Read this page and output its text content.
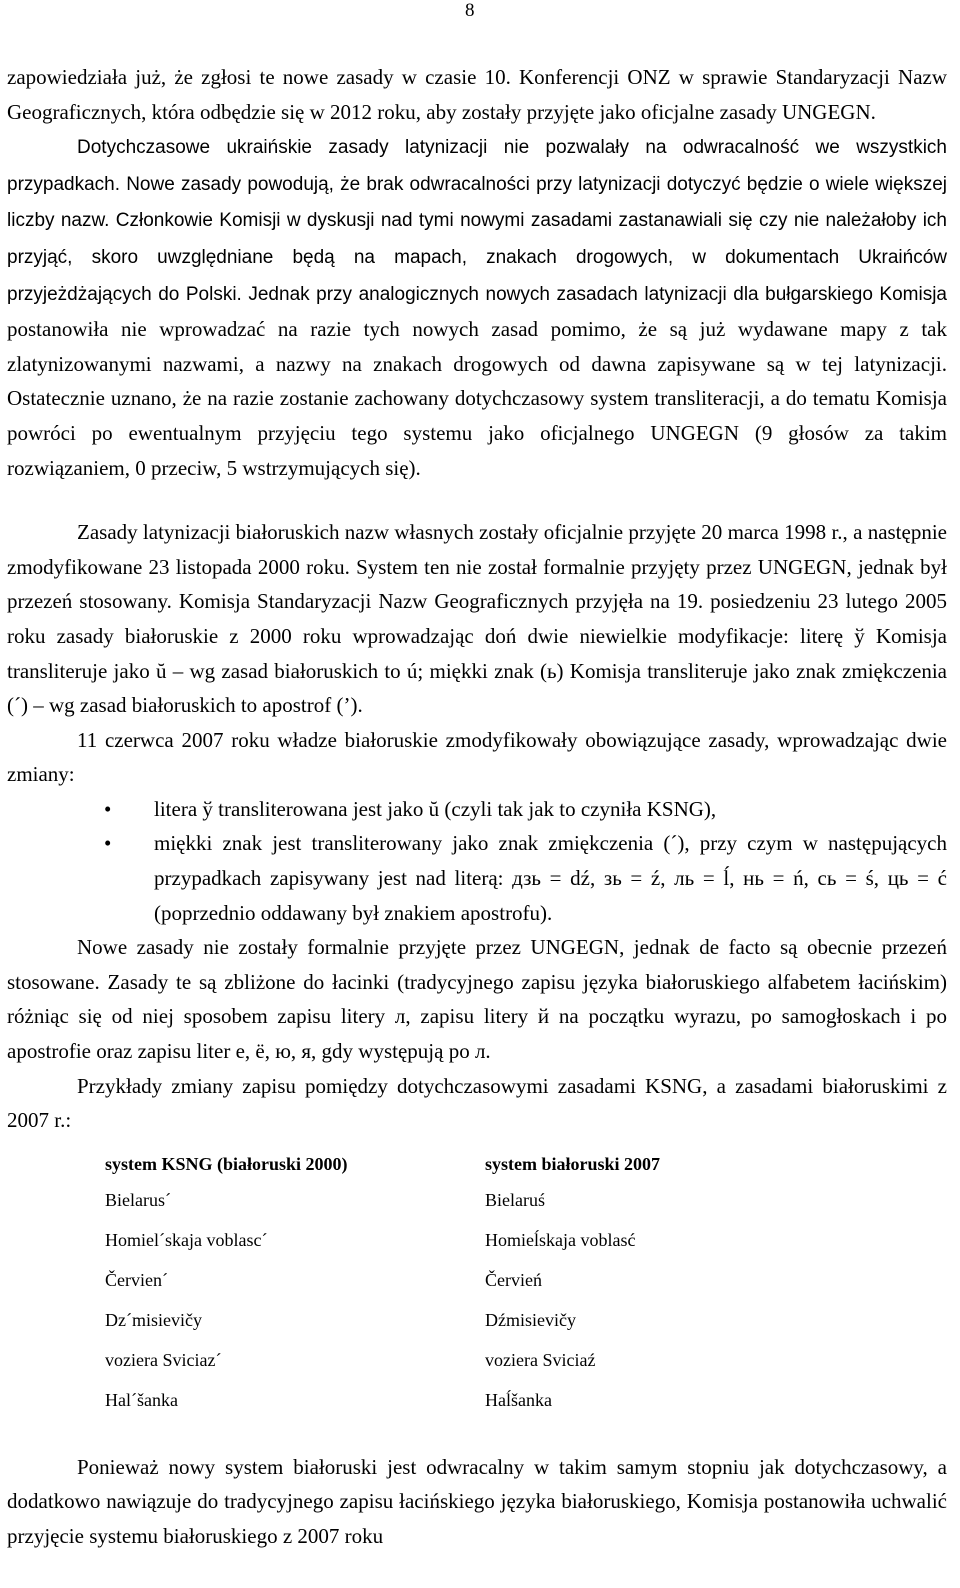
8

zapowiedziała już, że zgłosi te nowe zasady w czasie 10. Konferencji ONZ w sprawie Standaryzacji Nazw Geograficznych, która odbędzie się w 2012 roku, aby zostały przyjęte jako oficjalne zasady UNGEGN.

Dotychczasowe ukraińskie zasady latynizacji nie pozwalały na odwracalność we wszystkich przypadkach. Nowe zasady powodują, że brak odwracalności przy latynizacji dotyczyć będzie o wiele większej liczby nazw. Członkowie Komisji w dyskusji nad tymi nowymi zasadami zastanawiali się czy nie należałoby ich przyjąć, skoro uwzględniane będą na mapach, znakach drogowych, w dokumentach Ukraińców przyjeżdżających do Polski. Jednak przy analogicznych nowych zasadach latynizacji dla bułgarskiego Komisja postanowiła nie wprowadzać na razie tych nowych zasad pomimo, że są już wydawane mapy z tak zlatynizowanymi nazwami, a nazwy na znakach drogowych od dawna zapisywane są w tej latynizacji. Ostatecznie uznano, że na razie zostanie zachowany dotychczasowy system transliteracji, a do tematu Komisja powróci po ewentualnym przyjęciu tego systemu jako oficjalnego UNGEGN (9 głosów za takim rozwiązaniem, 0 przeciw, 5 wstrzymujących się).

Zasady latynizacji białoruskich nazw własnych zostały oficjalnie przyjęte 20 marca 1998 r., a następnie zmodyfikowane 23 listopada 2000 roku. System ten nie został formalnie przyjęty przez UNGEGN, jednak był przezeń stosowany. Komisja Standaryzacji Nazw Geograficznych przyjęła na 19. posiedzeniu 23 lutego 2005 roku zasady białoruskie z 2000 roku wprowadzając doń dwie niewielkie modyfikacje: literę ў Komisja transliteruje jako ŭ – wg zasad białoruskich to ú; miękki znak (ь) Komisja transliteruje jako znak zmiękczenia (´) – wg zasad białoruskich to apostrof (’).

11 czerwca 2007 roku władze białoruskie zmodyfikowały obowiązujące zasady, wprowadzając dwie zmiany:

• litera ў transliterowana jest jako ŭ (czyli tak jak to czyniła KSNG),
• miękki znak jest transliterowany jako znak zmiękczenia (´), przy czym w następujących przypadkach zapisywany jest nad literą: дзь = dź, зь = ź, ль = ĺ, нь = ń, сь = ś, ць = ć (poprzednio oddawany był znakiem apostrofu).

Nowe zasady nie zostały formalnie przyjęte przez UNGEGN, jednak de facto są obecnie przezeń stosowane. Zasady te są zbliżone do łacinki (tradycyjnego zapisu języka białoruskiego alfabetem łacińskim) różniąc się od niej sposobem zapisu litery л, zapisu litery й na początku wyrazu, po samogłoskach i po apostrofie oraz zapisu liter е, ё, ю, я, gdy występują po л.

Przykłady zmiany zapisu pomiędzy dotychczasowymi zasadami KSNG, a zasadami białoruskimi z 2007 r.:

system KSNG (białoruski 2000)	system białoruski 2007
Bielarus´	Bielaruś
Homiel´skaja voblasc´	Homieĺskaja voblasć
Červien´	Červień
Dz´misievičy	Dźmisievičy
voziera Sviciaz´	voziera Sviciaź
Hal´šanka	Haĺšanka

Ponieważ nowy system białoruski jest odwracalny w takim samym stopniu jak dotychczasowy, a dodatkowo nawiązuje do tradycyjnego zapisu łacińskiego języka białoruskiego, Komisja postanowiła uchwalić przyjęcie systemu białoruskiego z 2007 roku
